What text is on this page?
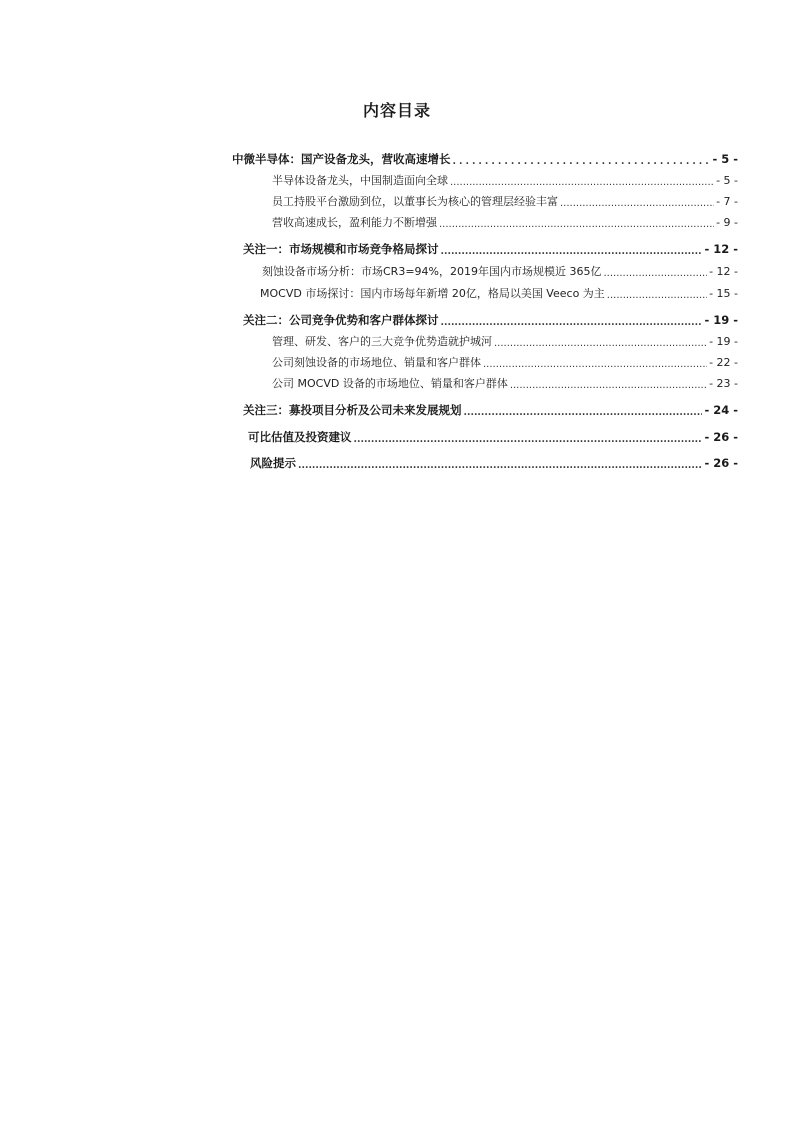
内容目录
中微半导体：国产设备龙头，营收高速增长 .....	- 5 -
半导体设备龙头，中国制造面向全球 .....	- 5 -
员工持股平台激励到位，以董事长为核心的管理层经验丰富 .....	- 7 -
营收高速成长，盈利能力不断增强 .....	- 9 -
关注一：市场规模和市场竞争格局探讨 .....	- 12 -
刻蚀设备市场分析：市场CR3=94%，2019年国内市场规模近 365亿 .....	- 12 -
MOCVD 市场探讨：国内市场每年新增 20亿，格局以美国 Veeco 为主 .....	- 15 -
关注二：公司竞争优势和客户群体探讨 .....	- 19 -
管理、研发、客户的三大竞争优势造就护城河 .....	- 19 -
公司刻蚀设备的市场地位、销量和客户群体 .....	- 22 -
公司 MOCVD 设备的市场地位、销量和客户群体 .....	- 23 -
关注三：募投项目分析及公司未来发展规划 .....	- 24 -
可比估值及投资建议 .....	- 26 -
风险提示 .....	- 26 -
